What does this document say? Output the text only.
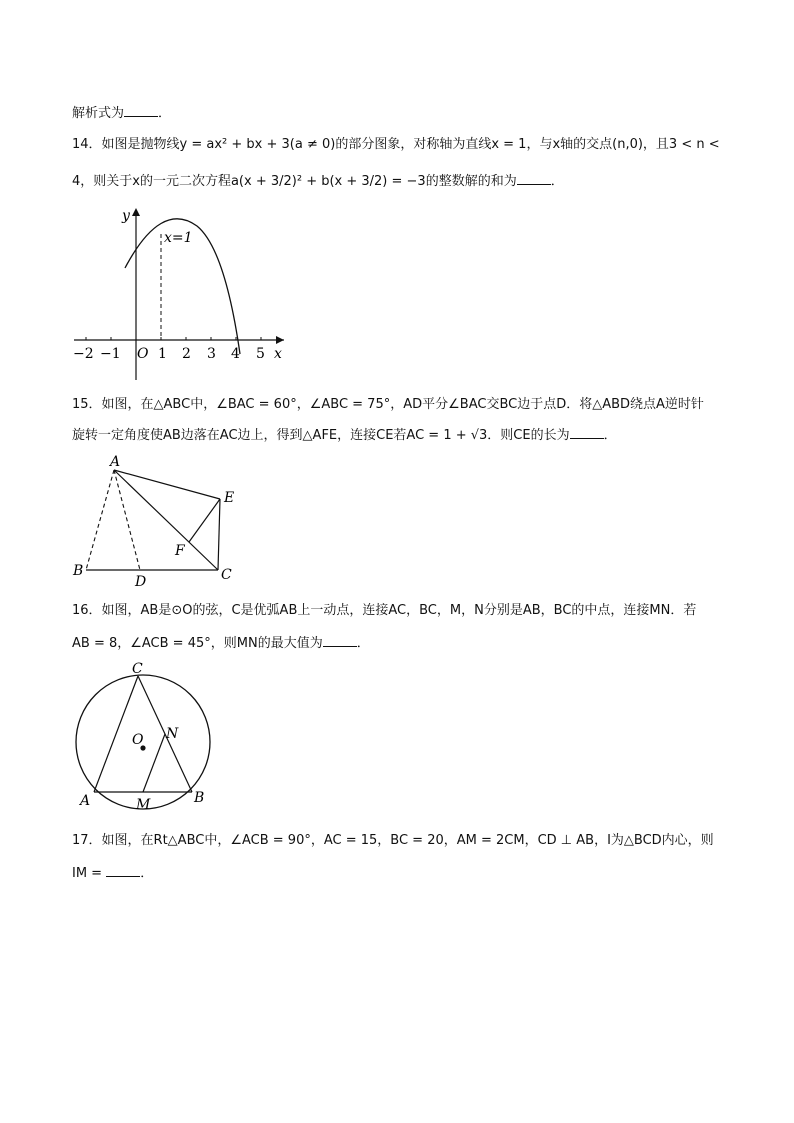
解析式为	．
14．如图是抛物线y = ax² + bx + 3(a ≠ 0)的部分图象，对称轴为直线x = 1，与x轴的交点(n,0)，且3 < n <
4，则关于x的一元二次方程a(x + 3/2)² + b(x + 3/2) = −3的整数解的和为	．
y
x
−2 −1 O 1 2 3 4 5
x=1
15．如图，在△ABC中，∠BAC = 60°，∠ABC = 75°，AD平分∠BAC交BC边于点D．将△ABD绕点A逆时针
旋转一定角度使AB边落在AC边上，得到△AFE，连接CE若AC = 1 + √3．则CE的长为	．
A
B	C
D
E
F
16．如图，AB是⊙O的弦，C是优弧AB上一动点，连接AC，BC，M，N分别是AB，BC的中点，连接MN．若
AB = 8，∠ACB = 45°，则MN的最大值为	．
C
O N
A	M	B
17．如图，在Rt△ABC中，∠ACB = 90°，AC = 15，BC = 20，AM = 2CM，CD ⊥ AB，I为△BCD内心，则
IM =	．
